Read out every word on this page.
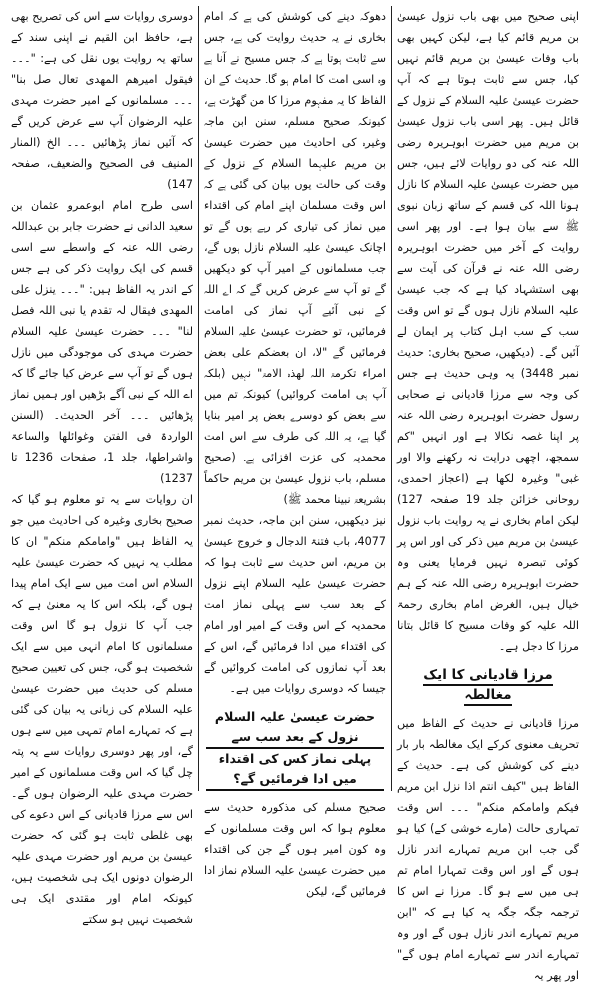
اپنی صحیح میں بھی باب نزول عیسیٰ بن مریم قائم کیا ہے، لیکن کہیں بھی باب وفات عیسیٰ بن مریم قائم نہیں کیا، جس سے ثابت ہوتا ہے کہ آپ حضرت عیسیٰ علیہ السلام کے نزول کے قائل ہیں۔ پھر اسی باب نزول عیسیٰ بن مریم میں حضرت ابوہریرہ رضی اللہ عنہ کی دو روایات لائے ہیں، جس میں حضرت عیسیٰ علیہ السلام کا نازل ہونا اللہ کی قسم کے ساتھ زبان نبوی ﷺ سے بیان ہوا ہے۔ اور پھر اسی روایت کے آخر میں حضرت ابوہریرہ رضی اللہ عنہ نے قرآن کی آیت سے بھی استشہاد کیا ہے کہ جب عیسیٰ علیہ السلام نازل ہوں گے تو اس وقت سب کے سب اہل کتاب پر ایمان لے آئیں گے۔ (دیکھیں، صحیح بخاری: حدیث نمبر 3448) یہ وہی حدیث ہے جس کی وجہ سے مرزا قادیانی نے صحابی رسول حضرت ابوہریرہ رضی اللہ عنہ پر اپنا غصہ نکالا ہے اور انہیں "کم سمجھ، اچھی درایت نہ رکھنے والا اور غبی" وغیرہ لکھا ہے (اعجاز احمدی، روحانی خزائن جلد 19 صفحہ 127) لیکن امام بخاری نے یہ روایت باب نزول عیسیٰ بن مریم میں ذکر کی اور اس پر کوئی تبصرہ نہیں فرمایا یعنی وہ حضرت ابوہریرہ رضی اللہ عنہ کے ہم خیال ہیں، الغرض امام بخاری رحمۃ اللہ علیہ کو وفات مسیح کا قائل بتانا مرزا کا دجل ہے۔

مرزا قادیانی کا ایک مغالطہ

مرزا قادیانی نے حدیث کے الفاظ میں تحریف معنوی کرکے ایک مغالطہ بار بار دینے کی کوشش کی ہے۔ حدیث کے الفاظ ہیں "کیف انتم اذا نزل ابن مریم فیکم وامامکم منکم" ۔۔۔ اس وقت تمہاری حالت (مارے خوشی کے) کیا ہو گی جب ابن مریم تمہارے اندر نازل ہوں گے اور اس وقت تمہارا امام تم ہی میں سے ہو گا۔ مرزا نے اس کا ترجمہ جگہ جگہ یہ کیا ہے کہ "ابن مریم تمہارے اندر نازل ہوں گے اور وہ تمہارے اندر سے تمہارے امام ہوں گے" اور پھر یہ

دھوکہ دینے کی کوشش کی ہے کہ امام بخاری نے یہ حدیث روایت کی ہے، جس سے ثابت ہوتا ہے کہ جس مسیح نے آنا ہے وہ اسی امت کا امام ہو گا۔ حدیث کے ان الفاظ کا یہ مفہوم مرزا کا من گھڑت ہے، کیونکہ صحیح مسلم، سنن ابن ماجہ وغیرہ کی احادیث میں حضرت عیسیٰ بن مریم علیہما السلام کے نزول کے وقت کی حالت یوں بیان کی گئی ہے کہ اس وقت مسلمان اپنے امام کی اقتداء میں نماز کی تیاری کر رہے ہوں گے تو اچانک عیسیٰ علیہ السلام نازل ہوں گے، جب مسلمانوں کے امیر آپ کو دیکھیں گے تو آپ سے عرض کریں گے کہ اے اللہ کے نبی آئیے آپ نماز کی امامت فرمائیں، تو حضرت عیسیٰ علیہ السلام فرمائیں گے "لا، ان بعضکم علی بعض امراء تکرمۃ اللہ لھذہ الامۃ" نہیں (بلکہ آپ ہی امامت کروائیں) کیونکہ تم میں سے بعض کو دوسرے بعض پر امیر بنایا گیا ہے، یہ اللہ کی طرف سے اس امت محمدیہ کی عزت افزائی ہے۔ (صحیح مسلم، باب نزول عیسیٰ بن مریم حاکماً بشریعۃ نبینا محمد ﷺ)

نیز دیکھیں، سنن ابن ماجہ، حدیث نمبر 4077، باب فتنۃ الدجال و خروج عیسیٰ بن مریم، اس حدیث سے ثابت ہوا کہ حضرت عیسیٰ علیہ السلام اپنے نزول کے بعد سب سے پہلی نماز امت محمدیہ کے اس وقت کے امیر اور امام کی اقتداء میں ادا فرمائیں گے، اس کے بعد آپ نمازوں کی امامت کروائیں گے جیسا کہ دوسری روایات میں ہے۔

حضرت عیسیٰ علیہ السلام نزول کے بعد سب سے
پہلی نماز کس کی اقتداء میں ادا فرمائیں گے؟

صحیح مسلم کی مذکورہ حدیث سے معلوم ہوا کہ اس وقت مسلمانوں کے وہ کون امیر ہوں گے جن کی اقتداء میں حضرت عیسیٰ علیہ السلام نماز ادا فرمائیں گے، لیکن

دوسری روایات سے اس کی تصریح بھی ہے، حافظ ابن القیم نے اپنی سند کے ساتھ یہ روایت یوں نقل کی ہے: "۔۔۔ فیقول امیرھم المھدی تعال صل بنا" ۔۔۔ مسلمانوں کے امیر حضرت مہدی علیہ الرضوان آپ سے عرض کریں گے کہ آئیں نماز پڑھائیں ۔۔۔ الخ (المنار المنیف فی الصحیح والضعیف، صفحہ 147)

اسی طرح امام ابوعمرو عثمان بن سعید الدانی نے حضرت جابر بن عبداللہ رضی اللہ عنہ کے واسطے سے اسی قسم کی ایک روایت ذکر کی ہے جس کے اندر یہ الفاظ ہیں: "۔۔۔ ینزل علی المھدی فیقال لہ تقدم یا نبی اللہ فصل لنا" ۔۔۔ حضرت عیسیٰ علیہ السلام حضرت مہدی کی موجودگی میں نازل ہوں گے تو آپ سے عرض کیا جائے گا کہ اے اللہ کے نبی آگے بڑھیں اور ہمیں نماز پڑھائیں ۔۔۔ آخر الحدیث۔ (السنن الواردۃ فی الفتن وغوائلھا والساعۃ واشراطھا، جلد 1، صفحات 1236 تا 1237)

ان روایات سے یہ تو معلوم ہو گیا کہ صحیح بخاری وغیرہ کی احادیث میں جو یہ الفاظ ہیں "وامامکم منکم" ان کا مطلب یہ نہیں کہ حضرت عیسیٰ علیہ السلام اس امت میں سے ایک امام پیدا ہوں گے، بلکہ اس کا یہ معنیٰ ہے کہ جب آپ کا نزول ہو گا اس وقت مسلمانوں کا امام انہی میں سے ایک شخصیت ہو گی، جس کی تعیین صحیح مسلم کی حدیث میں حضرت عیسیٰ علیہ السلام کی زبانی یہ بیان کی گئی ہے کہ تمہارے امام تمہی میں سے ہوں گے، اور پھر دوسری روایات سے یہ پتہ چل گیا کہ اس وقت مسلمانوں کے امیر حضرت مہدی علیہ الرضوان ہوں گے۔ اس سے مرزا قادیانی کے اس دعوے کی بھی غلطی ثابت ہو گئی کہ حضرت عیسیٰ بن مریم اور حضرت مہدی علیہ الرضوان دونوں ایک ہی شخصیت ہیں، کیونکہ امام اور مقتدی ایک ہی شخصیت نہیں ہو سکتے
